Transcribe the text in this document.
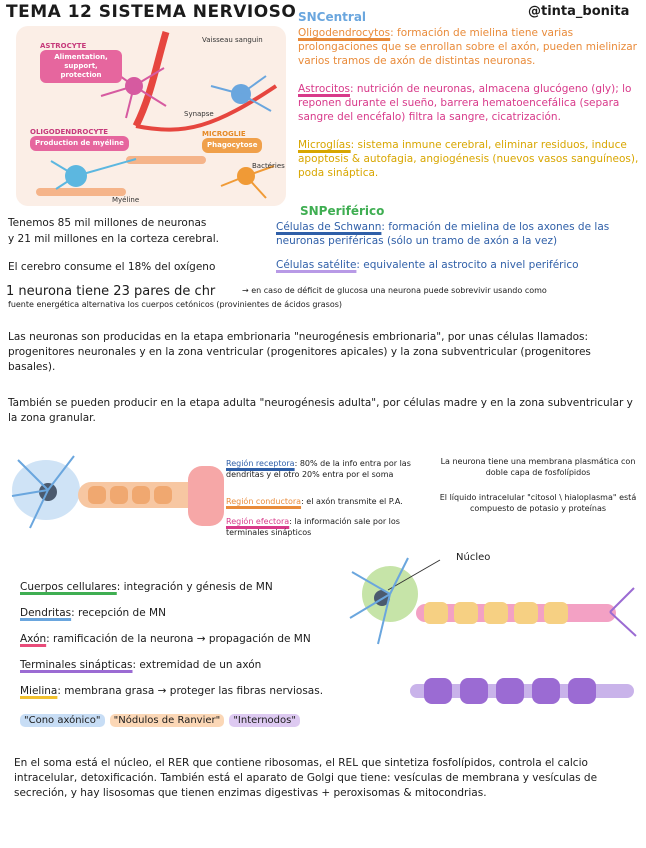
TEMA 12 SISTEMA NERVIOSO	@tinta_bonita
ASTROCYTE
Alimentation, support, protection
Vaisseau sanguin
Synapse
OLIGODENDROCYTE
Production de myéline
MICROGLIE
Phagocytose
Bactéries
Myéline
SNCentral
Oligodendrocytos: formación de mielina tiene varias prolongaciones que se enrollan sobre el axón, pueden mielinizar varios tramos de axón de distintas neuronas.
Astrocitos: nutrición de neuronas, almacena glucógeno (gly); lo reponen durante el sueño, barrera hematoencefálica (separa sangre del encéfalo) filtra la sangre, cicatrización.
Microglías: sistema inmune cerebral, eliminar residuos, induce apoptosis & autofagia, angiogénesis (nuevos vasos sanguíneos), poda sináptica.
SNPeriférico
Células de Schwann: formación de mielina de los axones de las neuronas periféricas (sólo un tramo de axón a la vez)
Células satélite: equivalente al astrocito a nivel periférico
Tenemos 85 mil millones de neuronas
y 21 mil millones en la corteza cerebral.
El cerebro consume el 18% del oxígeno
1 neurona tiene 23 pares de chr	→ en caso de déficit de glucosa una neurona puede sobrevivir usando como
fuente energética alternativa los cuerpos cetónicos (provinientes de ácidos grasos)
Las neuronas son producidas en la etapa embrionaria "neurogénesis embrionaria", por unas células llamados: progenitores neuronales y en la zona ventricular (progenitores apicales) y la zona subventricular (progenitores basales).
También se pueden producir en la etapa adulta "neurogénesis adulta", por células madre y en la zona subventricular y la zona granular.
Región receptora: 80% de la info entra por las dendritas y el otro 20% entra por el soma
Región conductora: el axón transmite el P.A.
Región efectora: la información sale por los terminales sinápticos
La neurona tiene una membrana plasmática con doble capa de fosfolípidos
El líquido intracelular "citosol \ hialoplasma" está compuesto de potasio y proteínas
Núcleo
Cuerpos cellulares: integración y génesis de MN
Dendritas: recepción de MN
Axón: ramificación de la neurona → propagación de MN
Terminales sinápticas: extremidad de un axón
Mielina: membrana grasa → proteger las fibras nerviosas.
"Cono axónico" "Nódulos de Ranvier" "Internodos"
En el soma está el núcleo, el RER que contiene ribosomas, el REL que sintetiza fosfolípidos, controla el calcio intracelular, detoxificación. También está el aparato de Golgi que tiene: vesículas de membrana y vesículas de secreción, y hay lisosomas que tienen enzimas digestivas + peroxisomas & mitocondrias.
